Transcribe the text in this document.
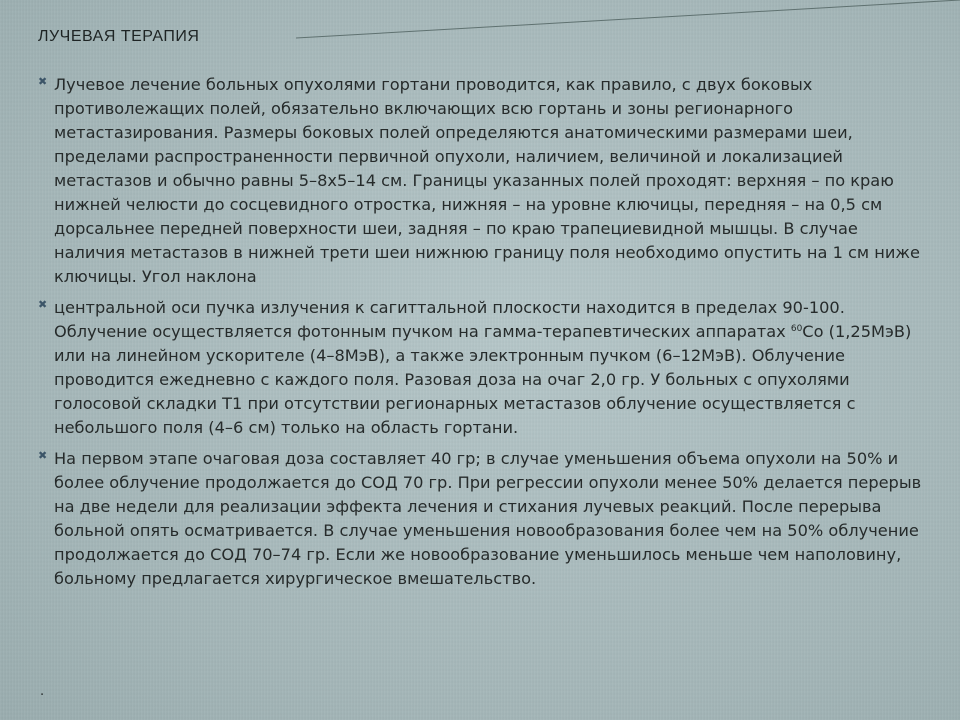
ЛУЧЕВАЯ ТЕРАПИЯ
✖ Лучевое лечение больных опухолями гортани проводится, как правило, с двух боковых противолежащих полей, обязательно включающих всю гортань и зоны регионарного метастазирования. Размеры боковых полей определяются анатомическими размерами шеи, пределами распространенности первичной опухоли, наличием, величиной и локализацией метастазов и обычно равны 5–8х5–14 см. Границы указанных полей проходят: верхняя – по краю нижней челюсти до сосцевидного отростка, нижняя – на уровне ключицы, передняя – на 0,5 см дорсальнее передней поверхности шеи, задняя – по краю трапециевидной мышцы. В случае наличия метастазов в нижней трети шеи нижнюю границу поля необходимо опустить на 1 см ниже ключицы. Угол наклона
✖ центральной оси пучка излучения к сагиттальной плоскости находится в пределах 90-100.
Облучение осуществляется фотонным пучком на гамма-терапевтических аппаратах $^{60}$Co (1,25МэВ) или на линейном ускорителе (4–8МэВ), а также электронным пучком (6–12МэВ). Облучение проводится ежедневно с каждого поля. Разовая доза на очаг 2,0 гр. У больных с опухолями голосовой складки Т1 при отсутствии регионарных метастазов облучение осуществляется с небольшого поля (4–6 см) только на область гортани.
✖ На первом этапе очаговая доза составляет 40 гр; в случае уменьшения объема опухоли на 50% и более облучение продолжается до СОД 70 гр. При регрессии опухоли менее 50% делается перерыв на две недели для реализации эффекта лечения и стихания лучевых реакций. После перерыва больной опять осматривается. В случае уменьшения новообразования более чем на 50% облучение продолжается до СОД 70–74 гр. Если же новообразование уменьшилось меньше чем наполовину, больному предлагается хирургическое вмешательство.
.
